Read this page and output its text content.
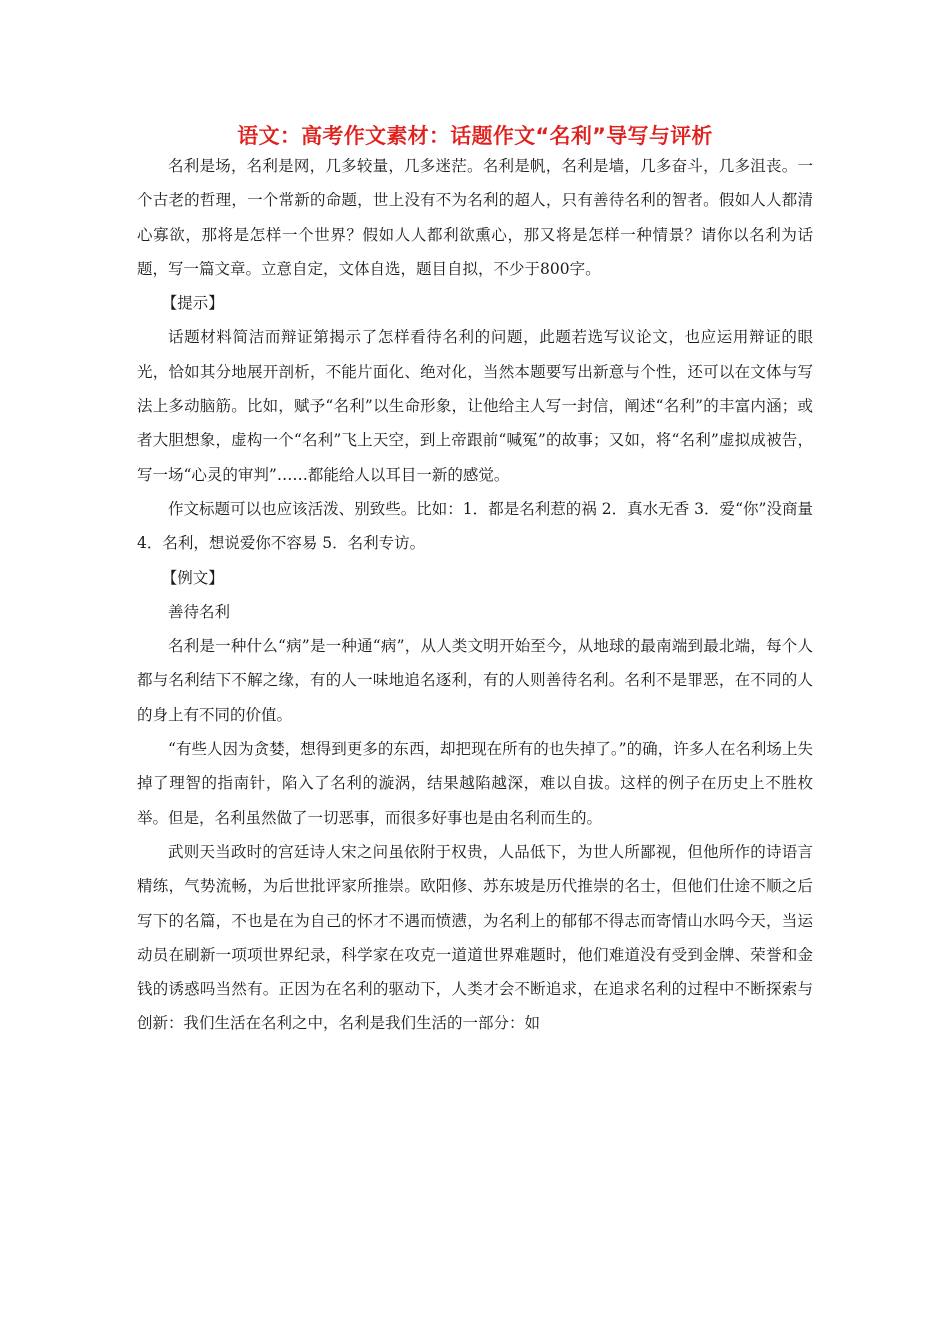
语文：高考作文素材：话题作文“名利”导写与评析

名利是场，名利是网，几多较量，几多迷茫。名利是帆，名利是墙，几多奋斗，几多沮丧。一个古老的哲理，一个常新的命题，世上没有不为名利的超人，只有善待名利的智者。假如人人都清心寡欲，那将是怎样一个世界？假如人人都利欲熏心，那又将是怎样一种情景？请你以名利为话题，写一篇文章。立意自定，文体自选，题目自拟，不少于800字。

【提示】

话题材料简洁而辩证第揭示了怎样看待名利的问题，此题若选写议论文，也应运用辩证的眼光，恰如其分地展开剖析，不能片面化、绝对化，当然本题要写出新意与个性，还可以在文体与写法上多动脑筋。比如，赋予“名利”以生命形象，让他给主人写一封信，阐述“名利”的丰富内涵；或者大胆想象，虚构一个“名利”飞上天空，到上帝跟前“喊冤”的故事；又如，将“名利”虚拟成被告，写一场“心灵的审判”……都能给人以耳目一新的感觉。

作文标题可以也应该活泼、别致些。比如：1．都是名利惹的祸 2．真水无香 3．爱“你”没商量 4．名利，想说爱你不容易 5．名利专访。

【例文】

善待名利

名利是一种什么“病”是一种通“病”，从人类文明开始至今，从地球的最南端到最北端，每个人都与名利结下不解之缘，有的人一味地追名逐利，有的人则善待名利。名利不是罪恶，在不同的人的身上有不同的价值。

“有些人因为贪婪，想得到更多的东西，却把现在所有的也失掉了。”的确，许多人在名利场上失掉了理智的指南针，陷入了名利的漩涡，结果越陷越深，难以自拔。这样的例子在历史上不胜枚举。但是，名利虽然做了一切恶事，而很多好事也是由名利而生的。

武则天当政时的宫廷诗人宋之问虽依附于权贵，人品低下，为世人所鄙视，但他所作的诗语言精练，气势流畅，为后世批评家所推崇。欧阳修、苏东坡是历代推崇的名士，但他们仕途不顺之后写下的名篇，不也是在为自己的怀才不遇而愤懑，为名利上的郁郁不得志而寄情山水吗今天，当运动员在刷新一项项世界纪录，科学家在攻克一道道世界难题时，他们难道没有受到金牌、荣誉和金钱的诱惑吗当然有。正因为在名利的驱动下，人类才会不断追求，在追求名利的过程中不断探索与创新：我们生活在名利之中，名利是我们生活的一部分：如
